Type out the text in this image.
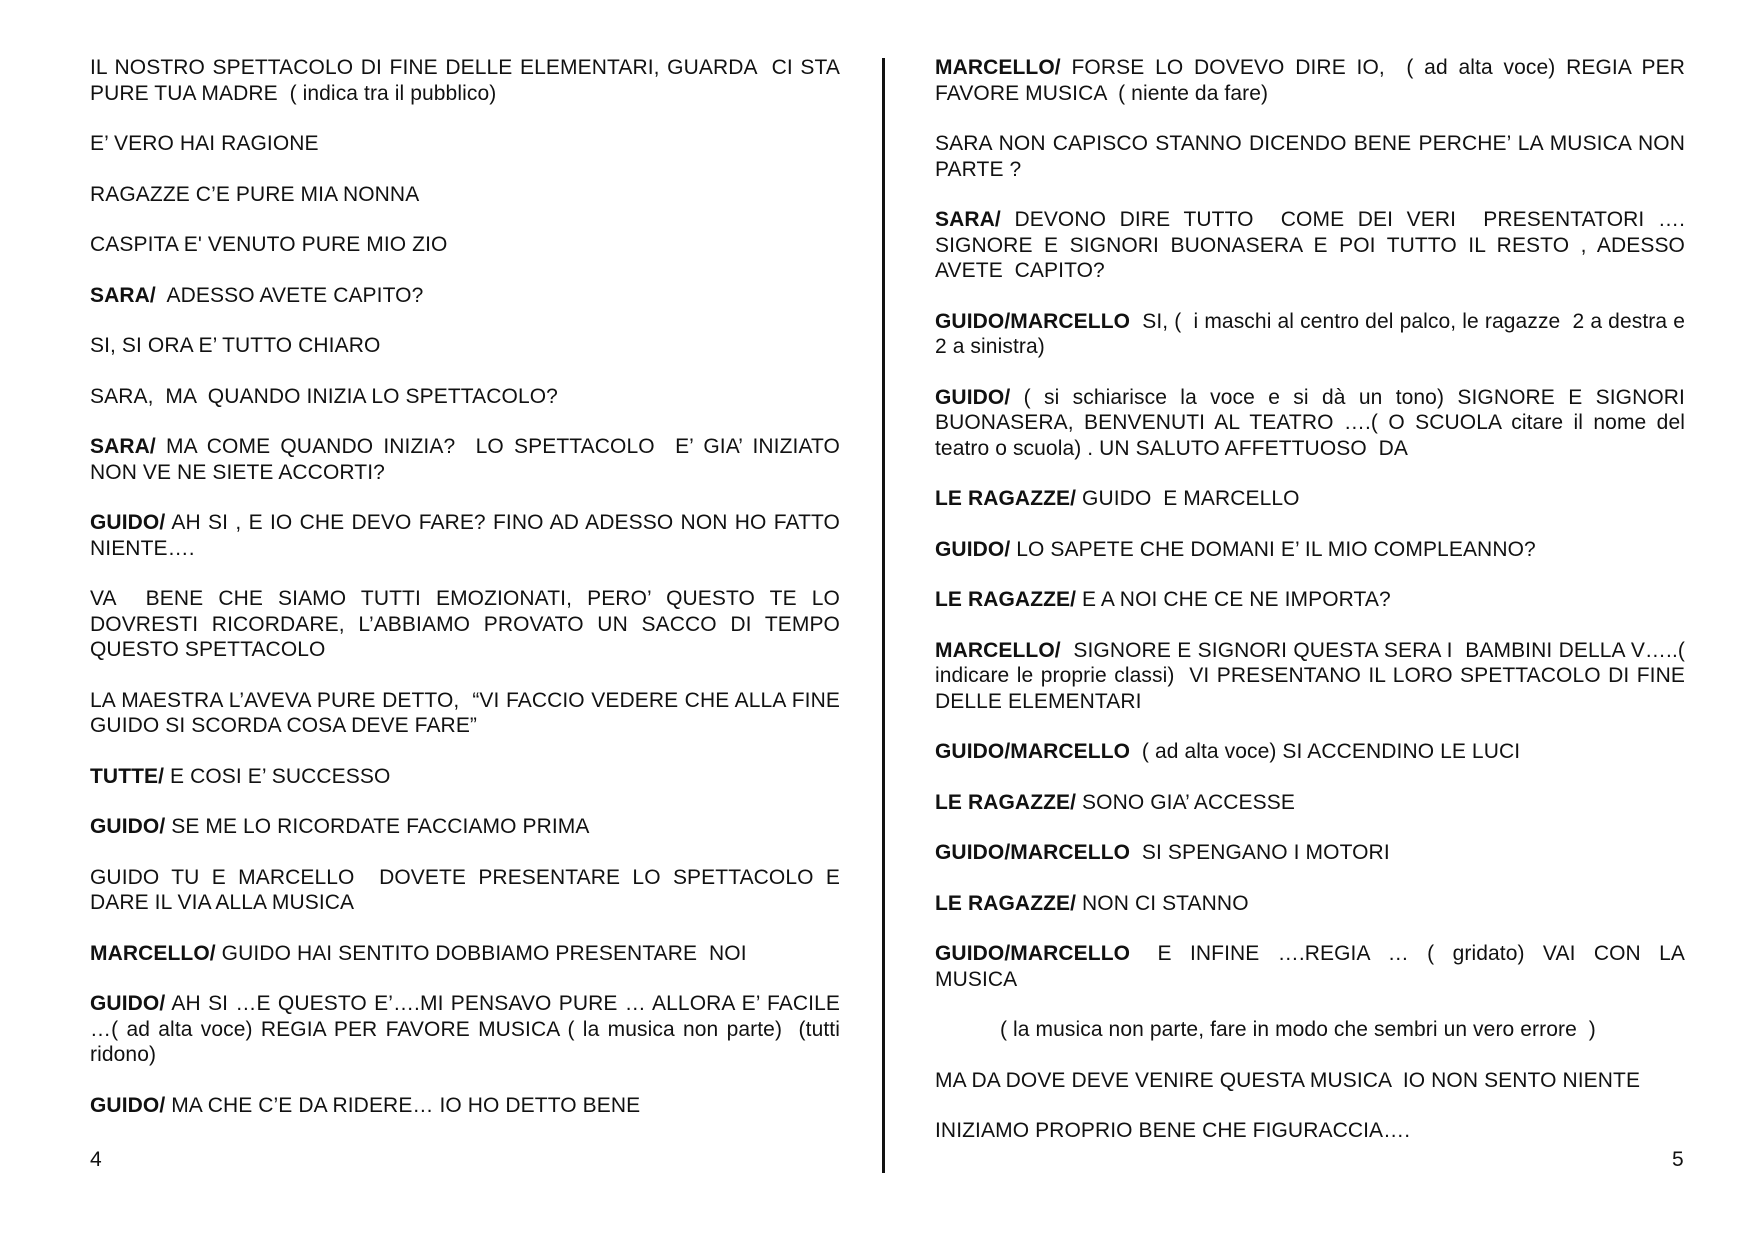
IL NOSTRO SPETTACOLO DI FINE DELLE ELEMENTARI, GUARDA  CI STA PURE TUA MADRE  ( indica tra il pubblico)

E’ VERO HAI RAGIONE

RAGAZZE C’E PURE MIA NONNA

CASPITA E' VENUTO PURE MIO ZIO

SARA/  ADESSO AVETE CAPITO?

SI, SI ORA E’ TUTTO CHIARO

SARA,  MA  QUANDO INIZIA LO SPETTACOLO?

SARA/ MA COME QUANDO INIZIA?  LO SPETTACOLO  E’ GIA’ INIZIATO NON VE NE SIETE ACCORTI?

GUIDO/ AH SI , E IO CHE DEVO FARE? FINO AD ADESSO NON HO FATTO NIENTE….

VA  BENE CHE SIAMO TUTTI EMOZIONATI, PERO’ QUESTO TE LO DOVRESTI RICORDARE, L’ABBIAMO PROVATO UN SACCO DI TEMPO QUESTO SPETTACOLO

LA MAESTRA L’AVEVA PURE DETTO,  “VI FACCIO VEDERE CHE ALLA FINE GUIDO SI SCORDA COSA DEVE FARE”

TUTTE/ E COSI E’ SUCCESSO

GUIDO/ SE ME LO RICORDATE FACCIAMO PRIMA

GUIDO TU E MARCELLO  DOVETE PRESENTARE LO SPETTACOLO E DARE IL VIA ALLA MUSICA

MARCELLO/ GUIDO HAI SENTITO DOBBIAMO PRESENTARE  NOI

GUIDO/ AH SI …E QUESTO E’….MI PENSAVO PURE … ALLORA E’ FACILE  …( ad alta voce) REGIA PER FAVORE MUSICA ( la musica non parte)  (tutti ridono)

GUIDO/ MA CHE C’E DA RIDERE… IO HO DETTO BENE

MARCELLO/ FORSE LO DOVEVO DIRE IO,  ( ad alta voce) REGIA PER FAVORE MUSICA  ( niente da fare)

SARA NON CAPISCO STANNO DICENDO BENE PERCHE’ LA MUSICA NON PARTE ?

SARA/ DEVONO DIRE TUTTO  COME DEI VERI  PRESENTATORI …. SIGNORE E SIGNORI BUONASERA E POI TUTTO IL RESTO , ADESSO AVETE  CAPITO?

GUIDO/MARCELLO  SI, (  i maschi al centro del palco, le ragazze  2 a destra e 2 a sinistra)

GUIDO/ ( si schiarisce la voce e si dà un tono) SIGNORE E SIGNORI BUONASERA, BENVENUTI AL TEATRO ….( O SCUOLA citare il nome del teatro o scuola) . UN SALUTO AFFETTUOSO  DA

LE RAGAZZE/ GUIDO  E MARCELLO

GUIDO/ LO SAPETE CHE DOMANI E’ IL MIO COMPLEANNO?

LE RAGAZZE/ E A NOI CHE CE NE IMPORTA?

MARCELLO/  SIGNORE E SIGNORI QUESTA SERA I  BAMBINI DELLA V…..( indicare le proprie classi)  VI PRESENTANO IL LORO SPETTACOLO DI FINE DELLE ELEMENTARI

GUIDO/MARCELLO  ( ad alta voce) SI ACCENDINO LE LUCI

LE RAGAZZE/ SONO GIA’ ACCESSE

GUIDO/MARCELLO  SI SPENGANO I MOTORI

LE RAGAZZE/ NON CI STANNO

GUIDO/MARCELLO   E  INFINE  ….REGIA  …  (  gridato)  VAI  CON  LA MUSICA

( la musica non parte, fare in modo che sembri un vero errore  )

MA DA DOVE DEVE VENIRE QUESTA MUSICA  IO NON SENTO NIENTE

INIZIAMO PROPRIO BENE CHE FIGURACCIA….

4	5
